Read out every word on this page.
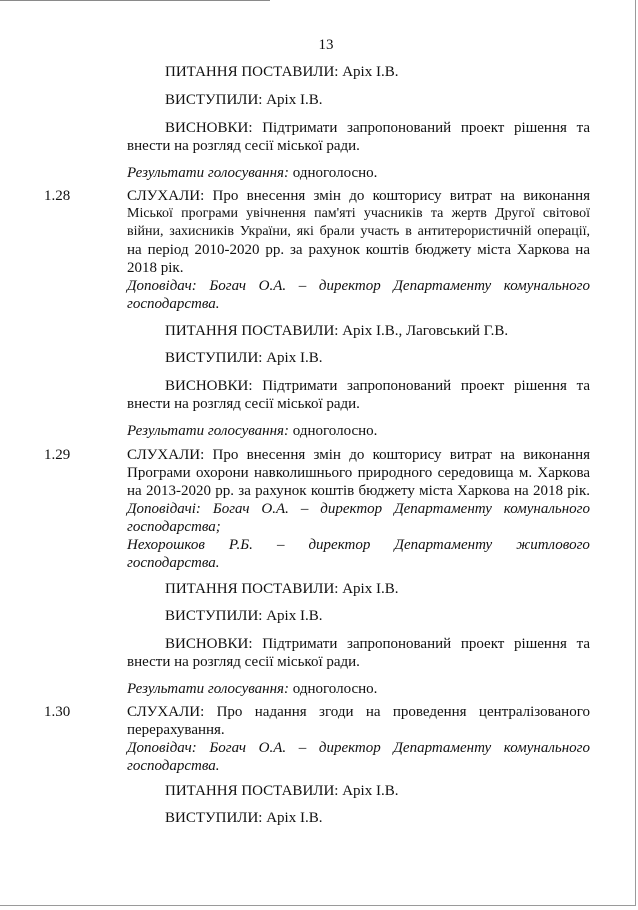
13
ПИТАННЯ ПОСТАВИЛИ: Аріх І.В.
ВИСТУПИЛИ: Аріх І.В.
ВИСНОВКИ: Підтримати запропонований проект рішення та
внести на розгляд сесії міської ради.
Результати голосування: одноголосно.
1.28	СЛУХАЛИ: Про внесення змін до кошторису витрат на виконання
Міської програми увічнення пам'яті учасників та жертв Другої світової
війни, захисників України, які брали участь в антитерористичній операції,
на період 2010-2020 рр. за рахунок коштів бюджету міста Харкова на
2018 рік.
Доповідач: Богач О.А. – директор Департаменту комунального
господарства.
ПИТАННЯ ПОСТАВИЛИ: Аріх І.В., Лаговський Г.В.
ВИСТУПИЛИ: Аріх І.В.
ВИСНОВКИ: Підтримати запропонований проект рішення та
внести на розгляд сесії міської ради.
Результати голосування: одноголосно.
1.29	СЛУХАЛИ: Про внесення змін до кошторису витрат на виконання
Програми охорони навколишнього природного середовища м. Харкова
на 2013-2020 рр. за рахунок коштів бюджету міста Харкова на 2018 рік.
Доповідачі: Богач О.А. – директор Департаменту комунального
господарства;
Нехорошков Р.Б. – директор Департаменту житлового
господарства.
ПИТАННЯ ПОСТАВИЛИ: Аріх І.В.
ВИСТУПИЛИ: Аріх І.В.
ВИСНОВКИ: Підтримати запропонований проект рішення та
внести на розгляд сесії міської ради.
Результати голосування: одноголосно.
1.30	СЛУХАЛИ: Про надання згоди на проведення централізованого
перерахування.
Доповідач: Богач О.А. – директор Департаменту комунального
господарства.
ПИТАННЯ ПОСТАВИЛИ: Аріх І.В.
ВИСТУПИЛИ: Аріх І.В.
